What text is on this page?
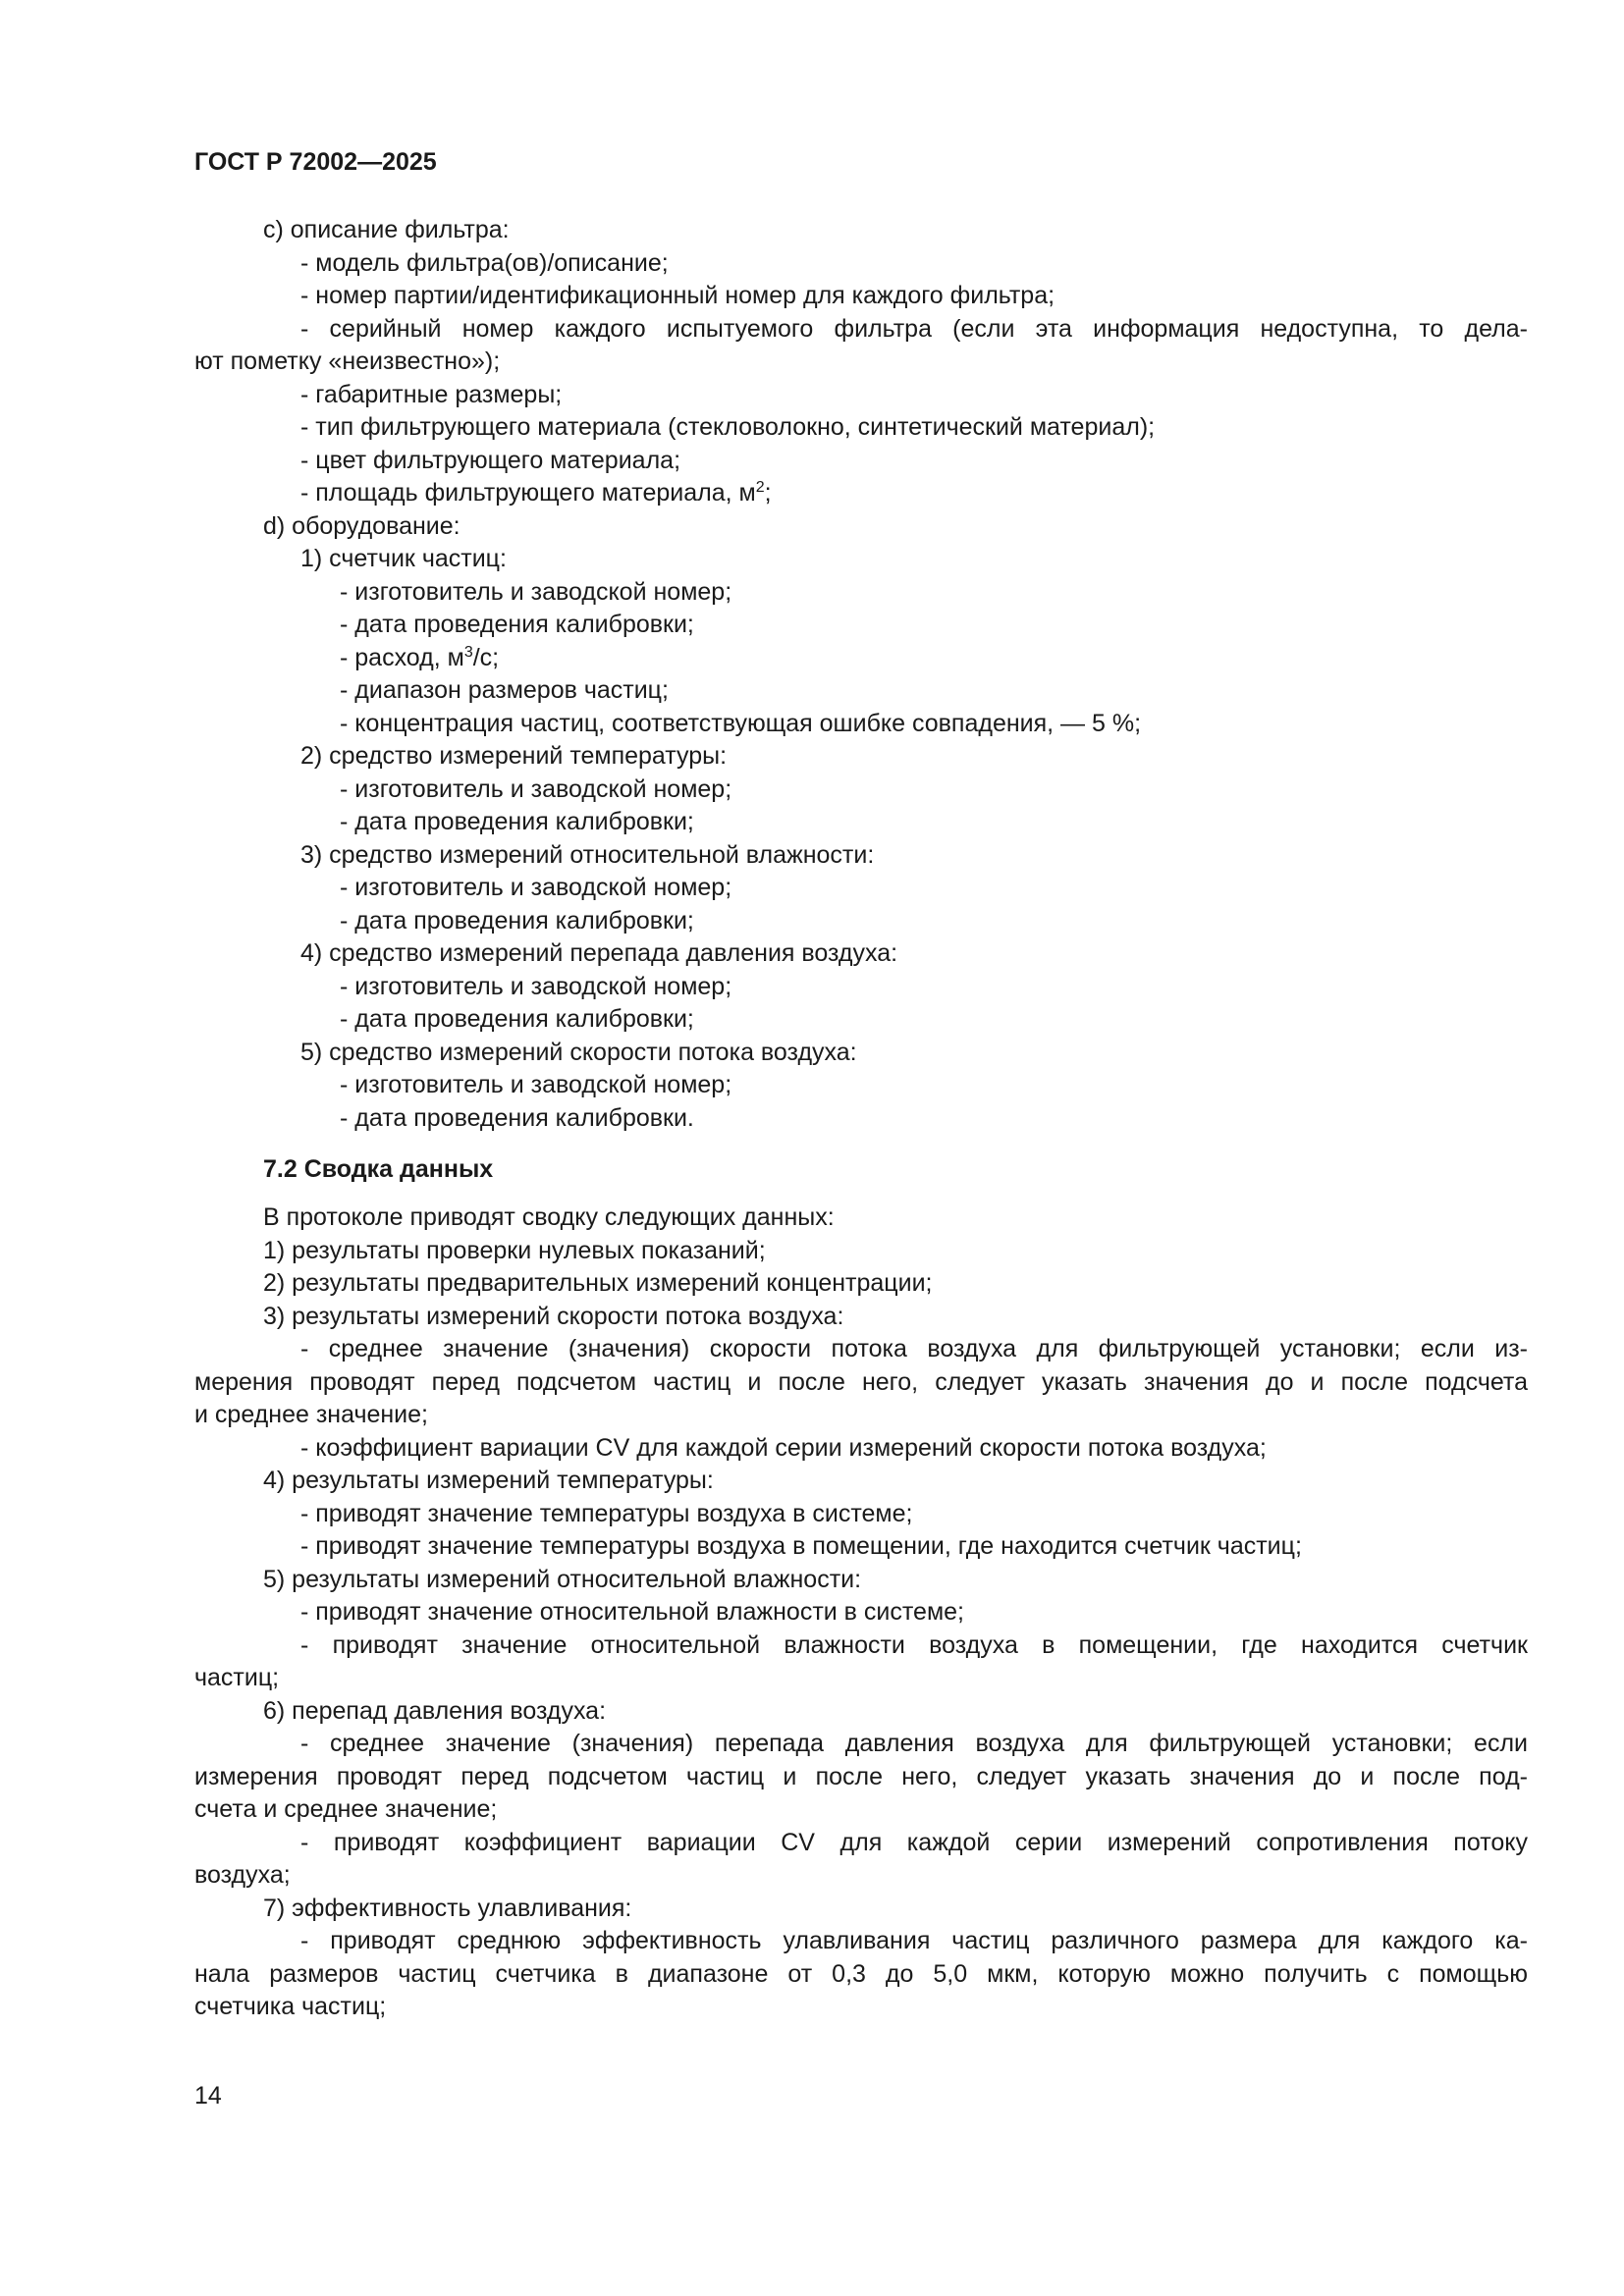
ГОСТ Р 72002—2025

c) описание фильтра:

- модель фильтра(ов)/описание;

- номер партии/идентификационный номер для каждого фильтра;

- серийный номер каждого испытуемого фильтра (если эта информация недоступна, то дела-

ют пометку «неизвестно»);

- габаритные размеры;

- тип фильтрующего материала (стекловолокно, синтетический материал);

- цвет фильтрующего материала;

- площадь фильтрующего материала, $м^2$;

d) оборудование:

1) счетчик частиц:

- изготовитель и заводской номер;

- дата проведения калибровки;

- расход, $м^3/с$;

- диапазон размеров частиц;

- концентрация частиц, соответствующая ошибке совпадения, — 5 %;

2) средство измерений температуры:

- изготовитель и заводской номер;

- дата проведения калибровки;

3) средство измерений относительной влажности:

- изготовитель и заводской номер;

- дата проведения калибровки;

4) средство измерений перепада давления воздуха:

- изготовитель и заводской номер;

- дата проведения калибровки;

5) средство измерений скорости потока воздуха:

- изготовитель и заводской номер;

- дата проведения калибровки.

7.2 Сводка данных

В протоколе приводят сводку следующих данных:

1) результаты проверки нулевых показаний;

2) результаты предварительных измерений концентрации;

3) результаты измерений скорости потока воздуха:

- среднее значение (значения) скорости потока воздуха для фильтрующей установки; если из-

мерения проводят перед подсчетом частиц и после него, следует указать значения до и после подсчета

и среднее значение;

- коэффициент вариации CV для каждой серии измерений скорости потока воздуха;

4) результаты измерений температуры:

- приводят значение температуры воздуха в системе;

- приводят значение температуры воздуха в помещении, где находится счетчик частиц;

5) результаты измерений относительной влажности:

- приводят значение относительной влажности в системе;

- приводят значение относительной влажности воздуха в помещении, где находится счетчик

частиц;

6) перепад давления воздуха:

- среднее значение (значения) перепада давления воздуха для фильтрующей установки; если

измерения проводят перед подсчетом частиц и после него, следует указать значения до и после под-

счета и среднее значение;

- приводят коэффициент вариации CV для каждой серии измерений сопротивления потоку

воздуха;

7) эффективность улавливания:

- приводят среднюю эффективность улавливания частиц различного размера для каждого ка-

нала размеров частиц счетчика в диапазоне от 0,3 до 5,0 мкм, которую можно получить с помощью

счетчика частиц;

14
